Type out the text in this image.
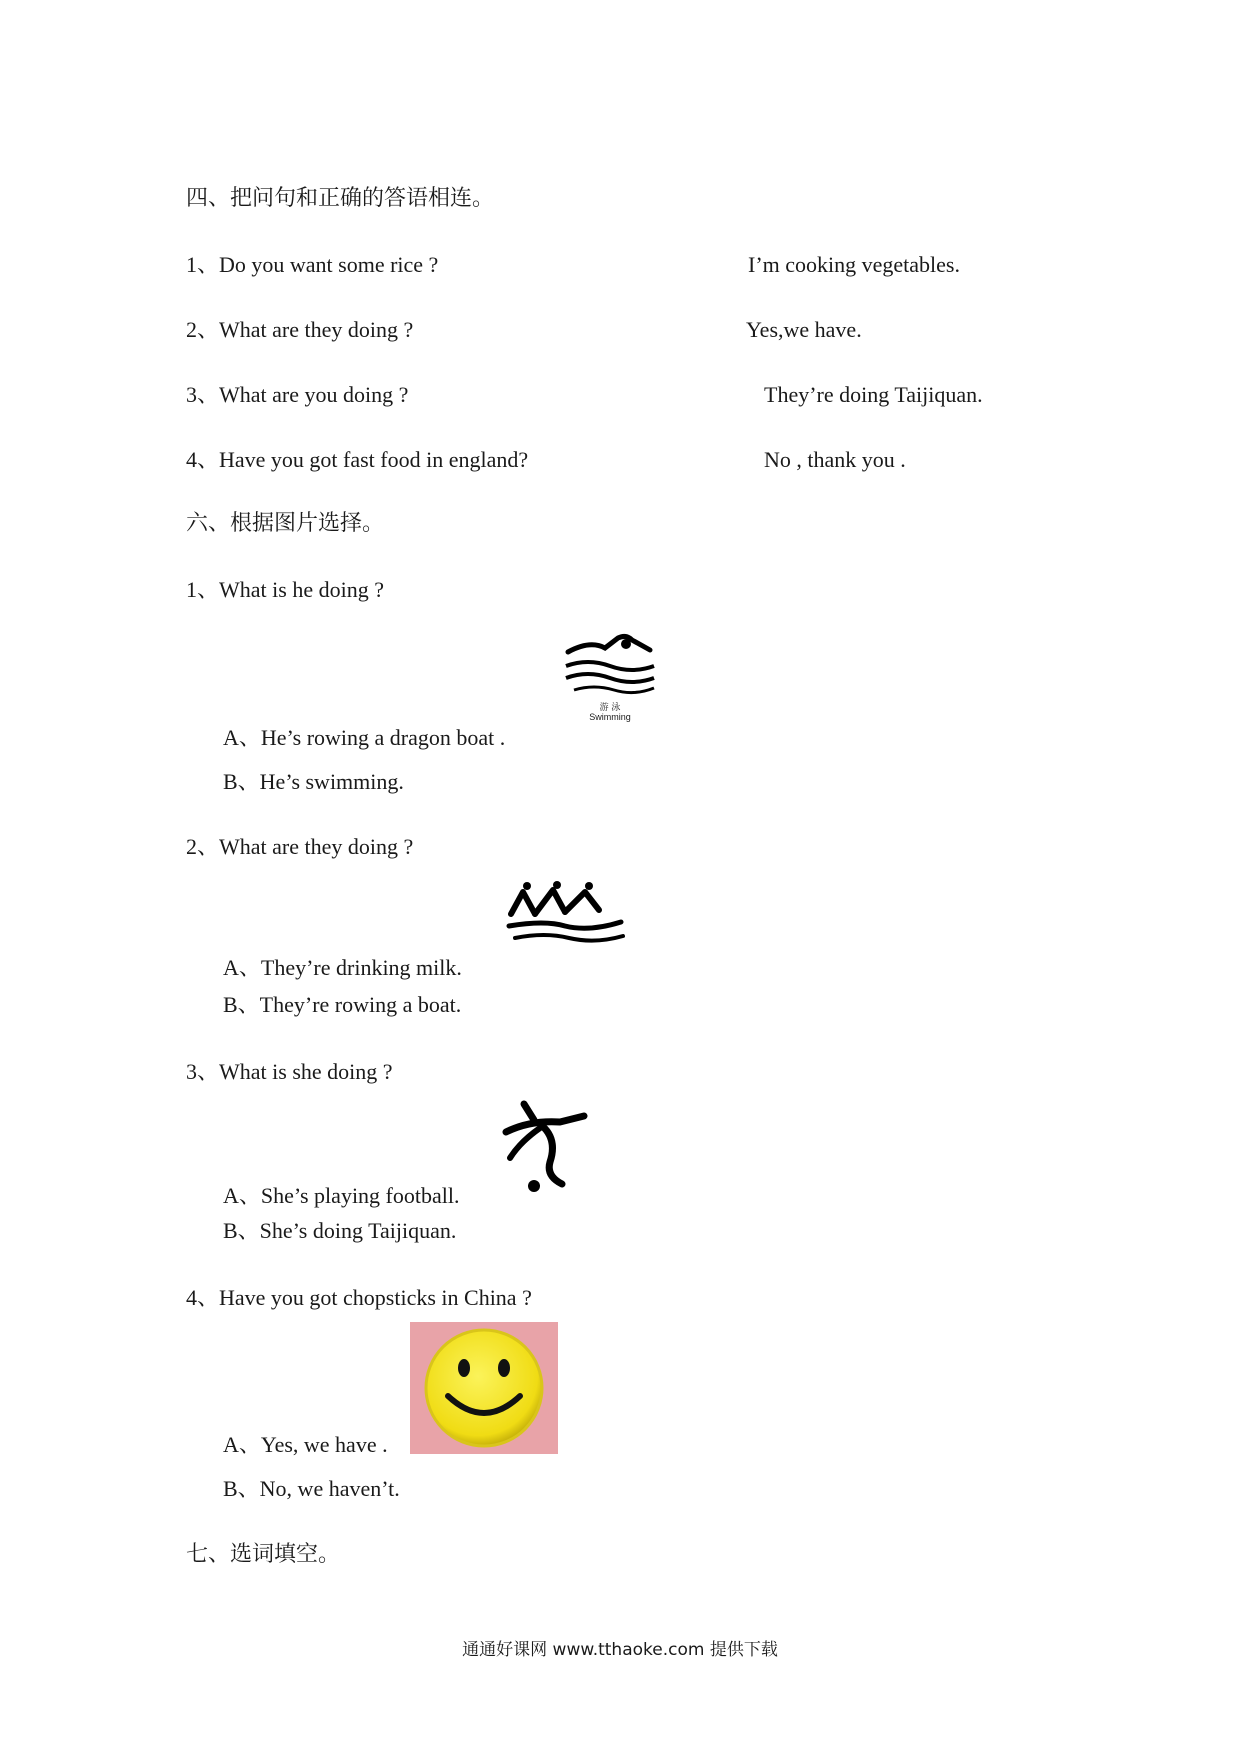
四、把问句和正确的答语相连。
1、Do you want some rice ?
2、What are they doing ?
3、What are you doing ?
4、Have you got fast food in england?
I’m cooking vegetables.
Yes,we have.
They’re doing Taijiquan.
No , thank you .
六、根据图片选择。
1、What is he doing ?
游 泳
Swimming
A、He’s rowing a dragon boat .
B、He’s swimming.
2、What are they doing ?
A、They’re drinking milk.
B、They’re rowing a boat.
3、What is she doing ?
A、She’s playing football.
B、She’s doing Taijiquan.
4、Have you got chopsticks in China ?
A、Yes, we have .
B、No, we haven’t.
七、选词填空。
通通好课网 www.tthaoke.com 提供下载
